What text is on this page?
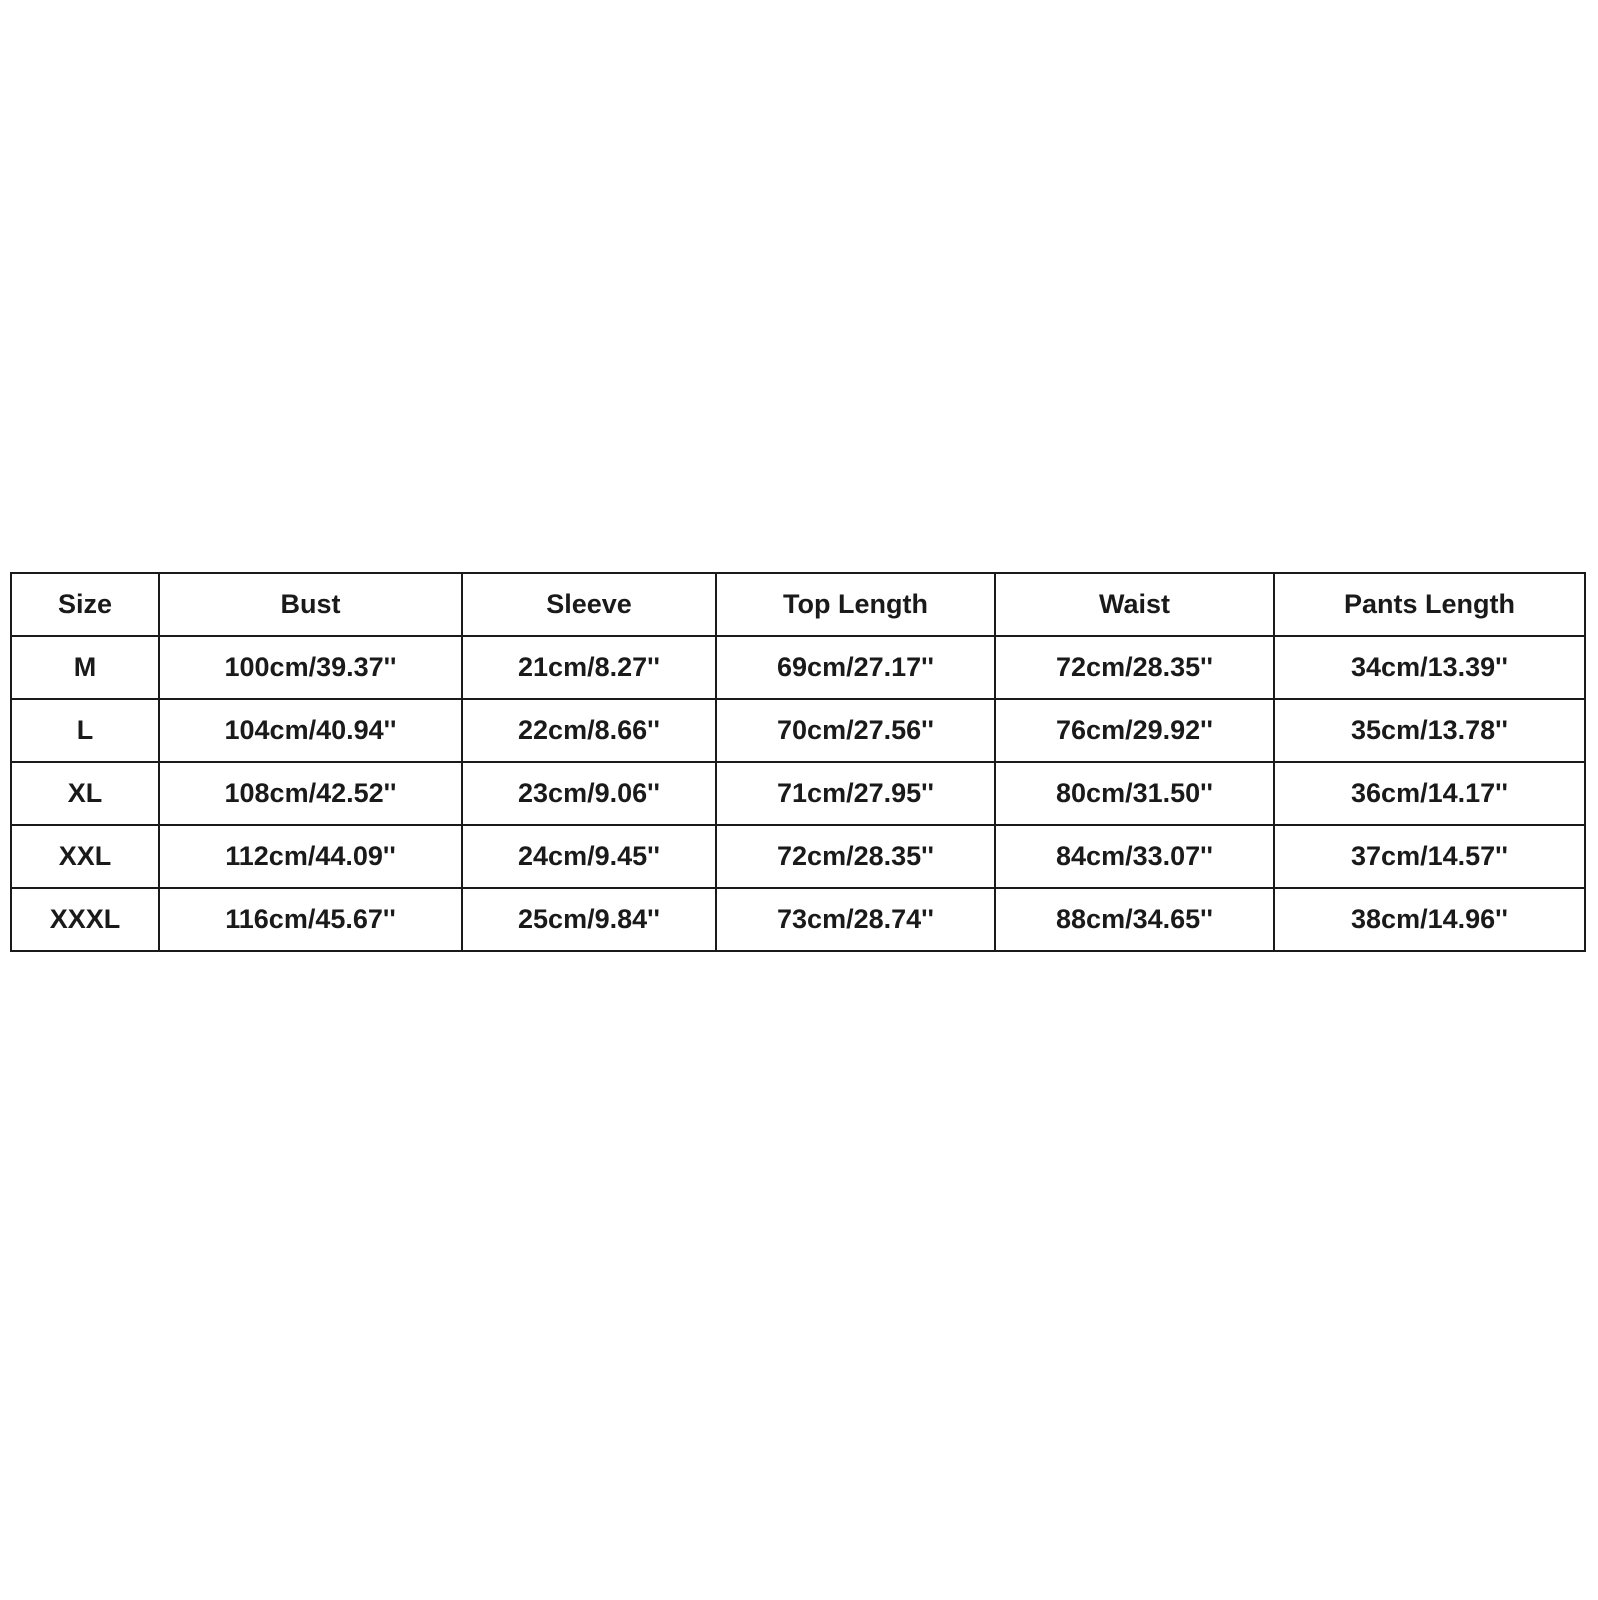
Size	Bust	Sleeve	Top Length	Waist	Pants Length
M	100cm/39.37''	21cm/8.27''	69cm/27.17''	72cm/28.35''	34cm/13.39''
L	104cm/40.94''	22cm/8.66''	70cm/27.56''	76cm/29.92''	35cm/13.78''
XL	108cm/42.52''	23cm/9.06''	71cm/27.95''	80cm/31.50''	36cm/14.17''
XXL	112cm/44.09''	24cm/9.45''	72cm/28.35''	84cm/33.07''	37cm/14.57''
XXXL	116cm/45.67''	25cm/9.84''	73cm/28.74''	88cm/34.65''	38cm/14.96''
